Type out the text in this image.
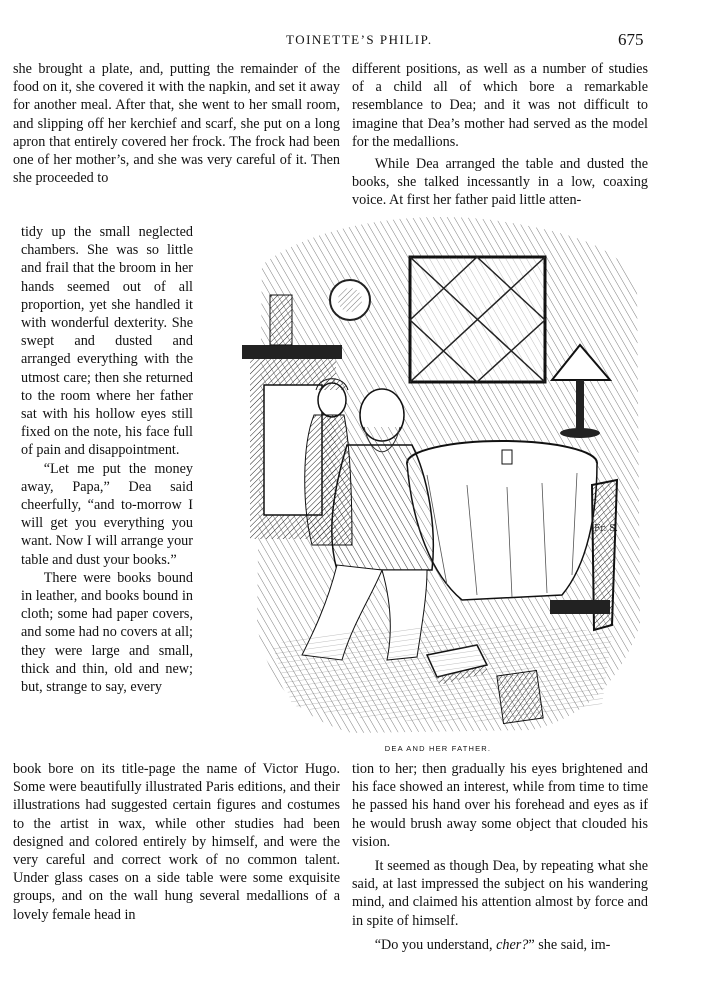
TOINETTE’S PHILIP.	675

she brought a plate, and, putting the remainder of the food on it, she covered it with the napkin, and set it away for another meal. After that, she went to her small room, and slipping off her kerchief and scarf, she put on a long apron that entirely covered her frock. The frock had been one of her mother’s, and she was very careful of it. Then she proceeded to

tidy up the small neglected chambers. She was so little and frail that the broom in her hands seemed out of all proportion, yet she handled it with wonderful dexterity. She swept and dusted and arranged everything with the utmost care; then she returned to the room where her father sat with his hollow eyes still fixed on the note, his face full of pain and disappointment.

“Let me put the money away, Papa,” Dea said cheerfully, “and to-morrow I will get you everything you want. Now I will arrange your table and dust your books.”

There were books bound in leather, and books bound in cloth; some had paper covers, and some had no covers at all; they were large and small, thick and thin, old and new; but, strange to say, every

different positions, as well as a number of studies of a child all of which bore a remarkable resemblance to Dea; and it was not difficult to imagine that Dea’s mother had served as the model for the medallions.

While Dea arranged the table and dusted the books, she talked incessantly in a low, coaxing voice. At first her father paid little atten-

Fr. S.
DEA AND HER FATHER.

book bore on its title-page the name of Victor Hugo. Some were beautifully illustrated Paris editions, and their illustrations had suggested certain figures and costumes to the artist in wax, while other studies had been designed and colored entirely by himself, and were the very careful and correct work of no common talent. Under glass cases on a side table were some exquisite groups, and on the wall hung several medallions of a lovely female head in

tion to her; then gradually his eyes brightened and his face showed an interest, while from time to time he passed his hand over his forehead and eyes as if he would brush away some object that clouded his vision.

It seemed as though Dea, by repeating what she said, at last impressed the subject on his wandering mind, and claimed his attention almost by force and in spite of himself.

“Do you understand, cher?” she said, im-
